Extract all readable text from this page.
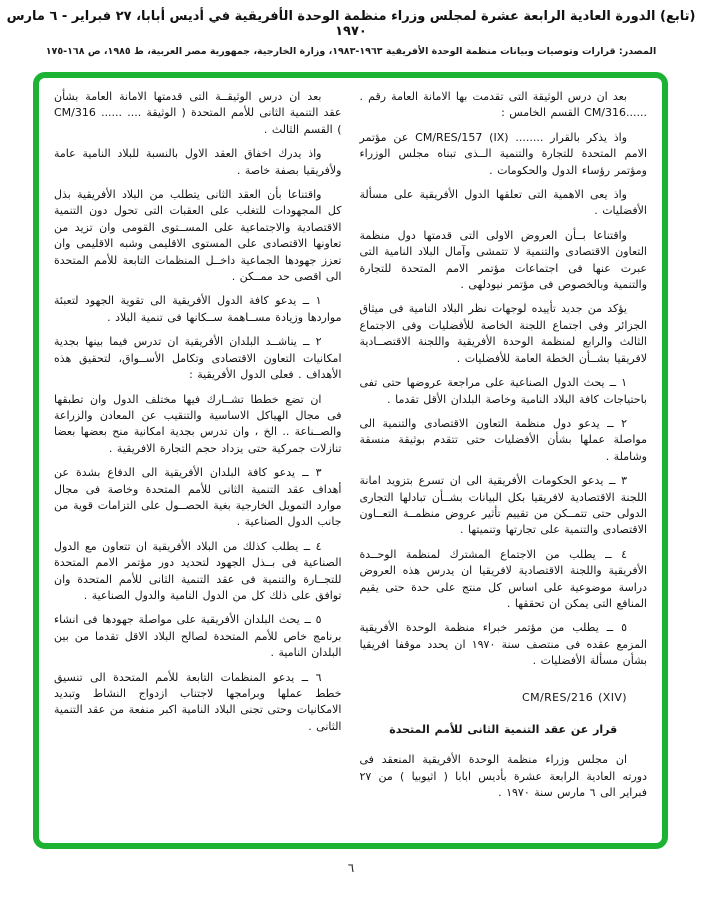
(تابع) الدورة العادية الرابعة عشرة لمجلس وزراء منظمة الوحدة الأفريقية في أديس أبابا، ٢٧ فبراير - ٦ مارس ١٩٧٠
المصدر: قرارات وتوصيات وبيانات منظمة الوحدة الأفريقية ١٩٦٣-١٩٨٣، وزارة الخارجية، جمهورية مصر العربية، ط ١٩٨٥، ص ١٦٨-١٧٥

بعد ان درس الوثيقة التى تقدمت بها الامانة العامة رقم . ......CM/316 القسم الخامس :

واذ يذكر بالقرار ........ CM/RES/157 (IX) عن مؤتمر الامم المتحدة للتجارة والتنمية الــذى تبناه مجلس الوزراء ومؤتمر رؤساء الدول والحكومات .

واذ يعى الاهمية التى تعلقها الدول الأفريقية على مسألة الأفضليات .

واقتناعا بــأن العروض الاولى التى قدمتها دول منظمة التعاون الاقتصادى والتنمية لا تتمشى وآمال البلاد النامية التى عبرت عنها فى اجتماعات مؤتمر الامم المتحدة للتجارة والتنمية وبالخصوص فى مؤتمر نيودلهى .

يؤكد من جديد تأييده لوجهات نظر البلاد النامية فى ميثاق الجزائر وفى اجتماع اللجنة الخاصة للأفضليات وفى الاجتماع الثالث والرابع لمنظمة الوحدة الأفريقية واللجنة الاقتصــادية لافريقيا بشــأن الخطة العامة للأفضليات .

١ ــ يحث الدول الصناعية على مراجعة عروضها حتى تفى باحتياجات كافة البلاد النامية وخاصة البلدان الأقل تقدما .

٢ ــ يدعو دول منظمة التعاون الاقتصادى والتنمية الى مواصلة عملها بشأن الأفضليات حتى تتقدم بوثيقة منسقة وشاملة .

٣ ــ يدعو الحكومات الأفريقية الى ان تسرع بتزويد امانة اللجنة الاقتصادية لافريقيا بكل البيانات بشــأن تبادلها التجارى الدولى حتى تتمــكن من تقييم تأثير عروض منظمــة التعــاون الاقتصادى والتنمية على تجارتها وتنميتها .

٤ ــ يطلب من الاجتماع المشترك لمنظمة الوحــدة الأفريقية واللجنة الاقتصادية لافريقيا ان يدرس هذه العروض دراسة موضوعية على اساس كل منتج على حدة حتى يقيم المنافع التى يمكن ان تحققها .

٥ ــ يطلب من مؤتمر خبراء منظمة الوحدة الأفريقية المزمع عقده فى منتصف سنة ١٩٧٠ ان يحدد موقفا افريقيا بشأن مسألة الأفضليات .

CM/RES/216 (XIV)

قرار عن عقد التنمية الثانى للأمم المتحدة

ان مجلس وزراء منظمة الوحدة الأفريقية المنعقد فى دورته العادية الرابعة عشرة بأديس ابابا ( اثيوبيا ) من ٢٧ فبراير الى ٦ مارس سنة ١٩٧٠ .

بعد ان درس الوثيقــة التى قدمتها الامانة العامة بشأن عقد التنمية الثانى للأمم المتحدة ( الوثيقة .... ...... CM/316 ) القسم الثالث .

واذ يدرك اخفاق العقد الاول بالنسبة للبلاد النامية عامة ولأفريقيا بصفة خاصة .

واقتناعا بأن العقد الثانى يتطلب من البلاد الأفريقية بذل كل المجهودات للتغلب على العقبات التى تحول دون التنمية الاقتصادية والاجتماعية على المســتوى القومى وان تزيد من تعاونها الاقتصادى على المستوى الاقليمى وشبه الاقليمى وان تعزز جهودها الجماعية داخــل المنظمات التابعة للأمم المتحدة الى اقصى حد ممــكن .

١ ــ يدعو كافة الدول الأفريقية الى تقوية الجهود لتعبئة مواردها وزيادة مســاهمة ســكانها فى تنمية البلاد .

٢ ــ يناشــد البلدان الأفريقية ان تدرس فيما بينها بجدية امكانيات التعاون الاقتصادى وتكامل الأســواق، لتحقيق هذه الأهداف . فعلى الدول الأفريقية :

ان تضع خططا تشــارك فيها مختلف الدول وان تطبقها فى مجال الهياكل الاساسية والتنقيب عن المعادن والزراعة والصــناعة .. الخ ، وان تدرس بجدية امكانية منح بعضها بعضا تنازلات جمركية حتى يزداد حجم التجارة الافريقية .

٣ ــ يدعو كافة البلدان الأفريقية الى الدفاع بشدة عن أهداف عقد التنمية الثانى للأمم المتحدة وخاصة فى مجال موارد التمويل الخارجية بغية الحصــول على التزامات قوية من جانب الدول الصناعية .

٤ ــ يطلب كذلك من البلاد الأفريقية ان تتعاون مع الدول الصناعية فى بــذل الجهود لتحديد دور مؤتمر الامم المتحدة للتجــارة والتنمية فى عقد التنمية الثانى للأمم المتحدة وان توافق على ذلك كل من الدول النامية والدول الصناعية .

٥ ــ يحث البلدان الأفريقية على مواصلة جهودها فى انشاء برنامج خاص للأمم المتحدة لصالح البلاد الاقل تقدما من بين البلدان النامية .

٦ ــ يدعو المنظمات التابعة للأمم المتحدة الى تنسيق خطط عملها وبرامجها لاجتناب ازدواج النشاط وتبديد الامكانيات وحتى تجنى البلاد النامية اكبر منفعة من عقد التنمية الثانى .

٦
